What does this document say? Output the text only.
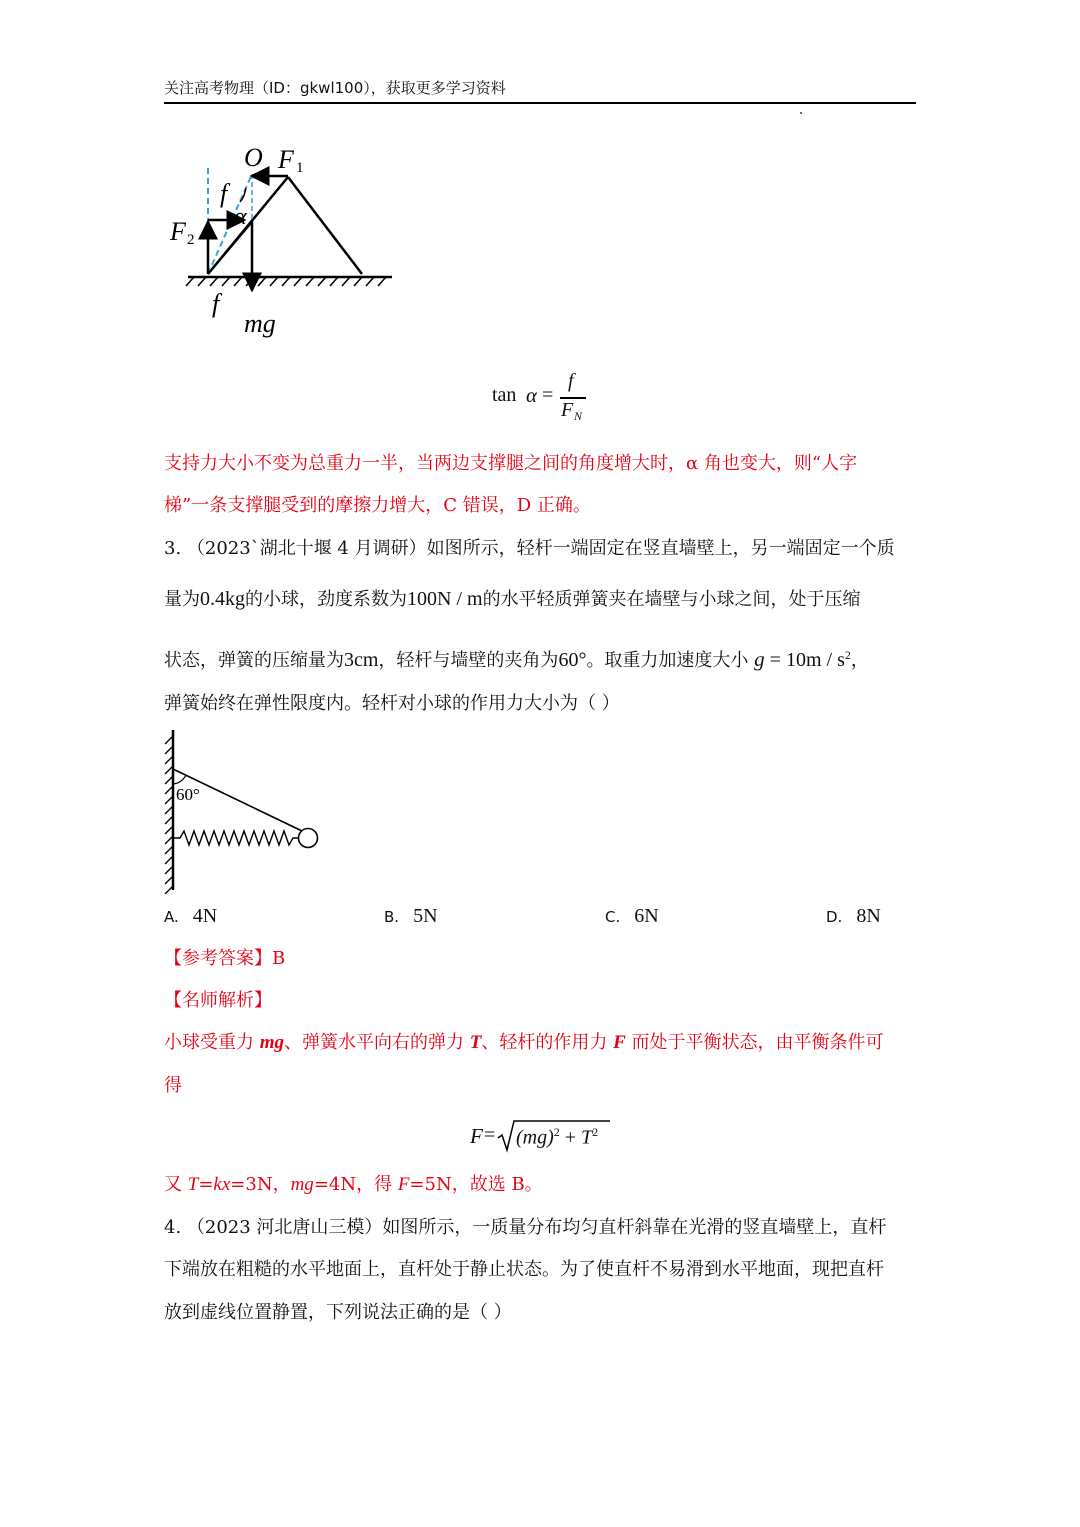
关注高考物理（ID：gkwl100），获取更多学习资料
O F 1
F 2
f
α
f
mg
tan α =
f
F N
支持力大小不变为总重力一半，当两边支撑腿之间的角度增大时，α 角也变大，则“人字
梯”一条支撑腿受到的摩擦力增大，C 错误，D 正确。
3. （2023`湖北十堰 4 月调研）如图所示，轻杆一端固定在竖直墙壁上，另一端固定一个质
量为0.4kg的小球，劲度系数为100N / m的水平轻质弹簧夹在墙壁与小球之间，处于压缩
状态，弹簧的压缩量为3cm，轻杆与墙壁的夹角为60°。取重力加速度大小 $g = 10m / s^2$，
弹簧始终在弹性限度内。轻杆对小球的作用力大小为（ ）
60°
A. 4N	B. 5N	C. 6N	D. 8N
【参考答案】B
【名师解析】
小球受重力 mg、弹簧水平向右的弹力 T、轻杆的作用力 F 而处于平衡状态，由平衡条件可
得
$F = (mg)^2 + T^2$
又 T=kx=3N，mg=4N，得 F=5N，故选 B。
4. （2023 河北唐山三模）如图所示，一质量分布均匀直杆斜靠在光滑的竖直墙壁上，直杆
下端放在粗糙的水平地面上，直杆处于静止状态。为了使直杆不易滑到水平地面，现把直杆
放到虚线位置静置，下列说法正确的是（ ）
